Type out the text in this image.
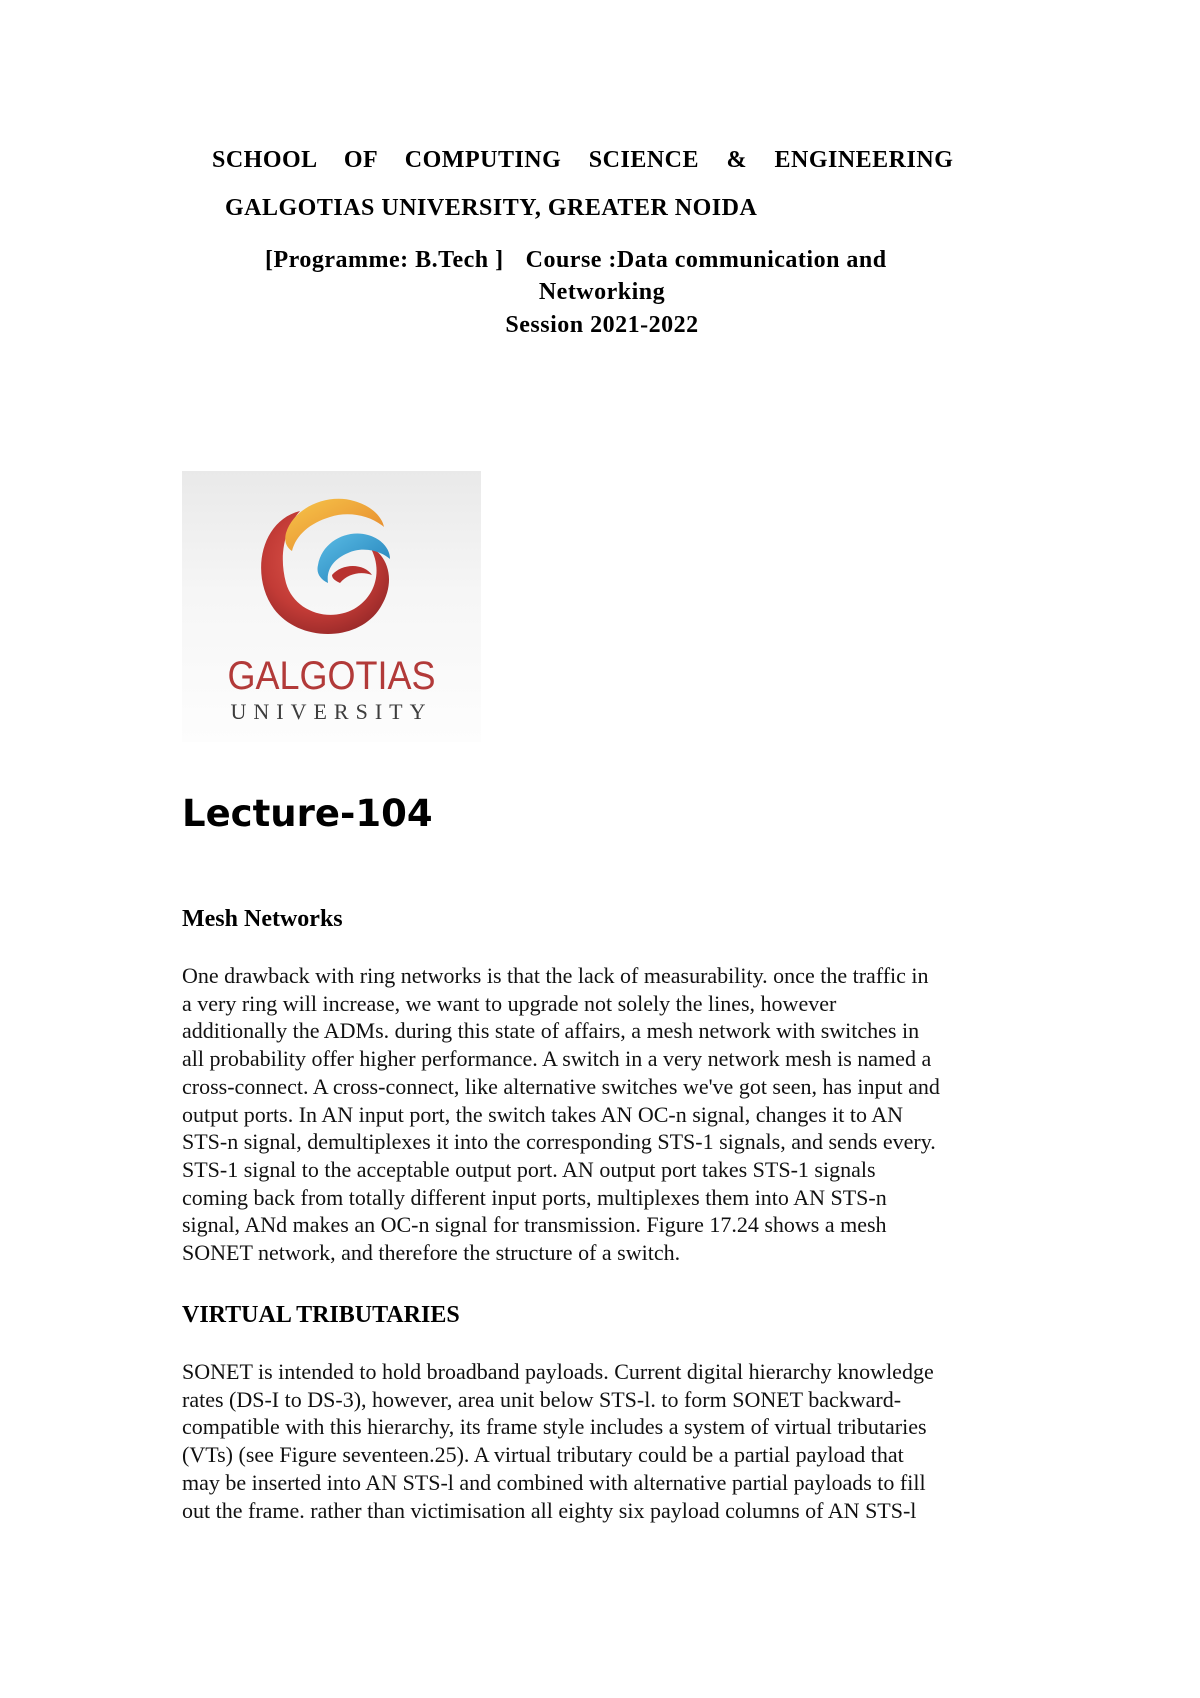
SCHOOL OF COMPUTING SCIENCE & ENGINEERING
GALGOTIAS UNIVERSITY, GREATER NOIDA
[Programme: B.Tech ] Course :Data communication and
Networking
Session 2021-2022
GALGOTIAS
UNIVERSITY
Lecture-104
Mesh Networks
One drawback with ring networks is that the lack of measurability. once the traffic in
a very ring will increase, we want to upgrade not solely the lines, however
additionally the ADMs. during this state of affairs, a mesh network with switches in
all probability offer higher performance. A switch in a very network mesh is named a
cross-connect. A cross-connect, like alternative switches we've got seen, has input and
output ports. In AN input port, the switch takes AN OC-n signal, changes it to AN
STS-n signal, demultiplexes it into the corresponding STS-1 signals, and sends every.
STS-1 signal to the acceptable output port. AN output port takes STS-1 signals
coming back from totally different input ports, multiplexes them into AN STS-n
signal, ANd makes an OC-n signal for transmission. Figure 17.24 shows a mesh
SONET network, and therefore the structure of a switch.
VIRTUAL TRIBUTARIES
SONET is intended to hold broadband payloads. Current digital hierarchy knowledge
rates (DS-I to DS-3), however, area unit below STS-l. to form SONET backward-
compatible with this hierarchy, its frame style includes a system of virtual tributaries
(VTs) (see Figure seventeen.25). A virtual tributary could be a partial payload that
may be inserted into AN STS-l and combined with alternative partial payloads to fill
out the frame. rather than victimisation all eighty six payload columns of AN STS-l
